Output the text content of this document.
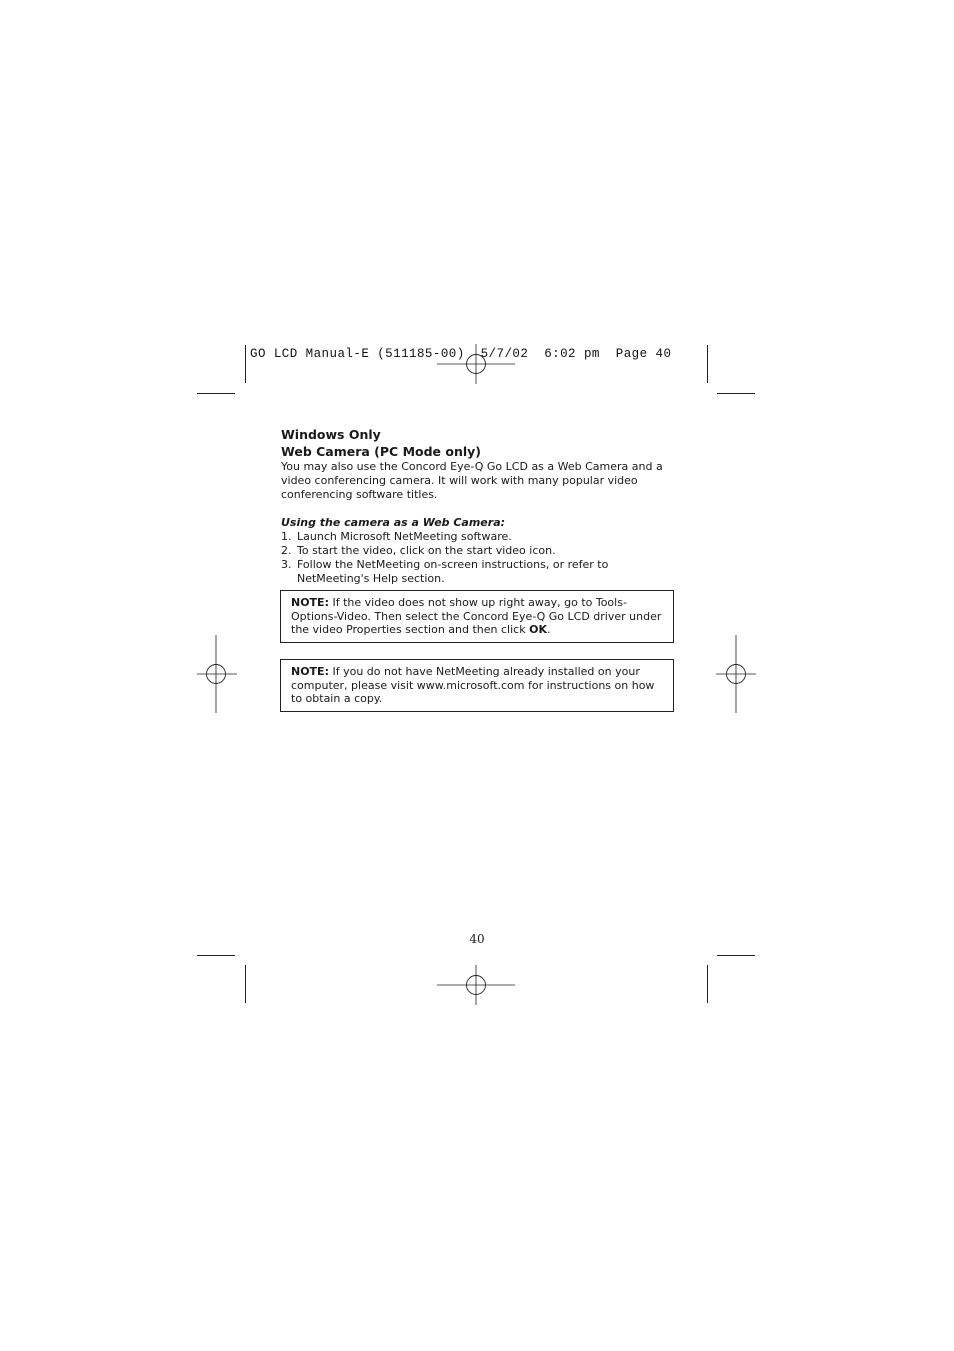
GO LCD Manual-E (511185-00)  5/7/02  6:02 pm  Page 40
Windows Only
Web Camera (PC Mode only)

You may also use the Concord Eye-Q Go LCD as a Web Camera and a video conferencing camera. It will work with many popular video conferencing software titles.

Using the camera as a Web Camera:
1. Launch Microsoft NetMeeting software.
2. To start the video, click on the start video icon.
3. Follow the NetMeeting on-screen instructions, or refer to NetMeeting's Help section.
NOTE: If the video does not show up right away, go to Tools-Options-Video. Then select the Concord Eye-Q Go LCD driver under the video Properties section and then click OK.
NOTE: If you do not have NetMeeting already installed on your computer, please visit www.microsoft.com for instructions on how to obtain a copy.
40
